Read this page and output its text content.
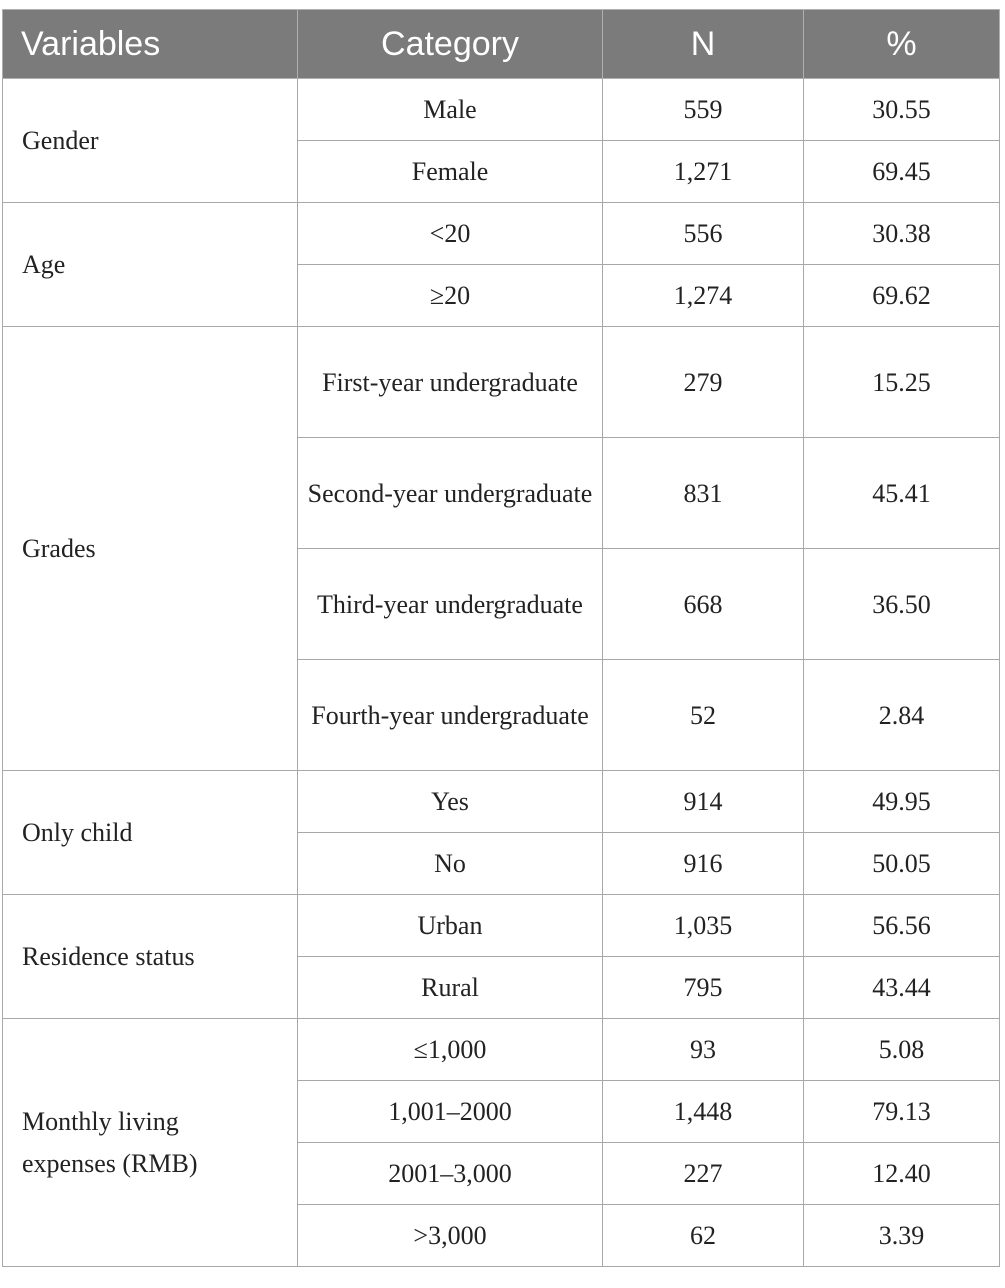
Variables	Category	N	%
Gender	Male	559	30.55
	Female	1,271	69.45
Age	<20	556	30.38
	≥20	1,274	69.62
Grades	First-year undergraduate	279	15.25
	Second-year undergraduate	831	45.41
	Third-year undergraduate	668	36.50
	Fourth-year undergraduate	52	2.84
Only child	Yes	914	49.95
	No	916	50.05
Residence status	Urban	1,035	56.56
	Rural	795	43.44
Monthly living expenses (RMB)	≤1,000	93	5.08
	1,001–2000	1,448	79.13
	2001–3,000	227	12.40
	>3,000	62	3.39
